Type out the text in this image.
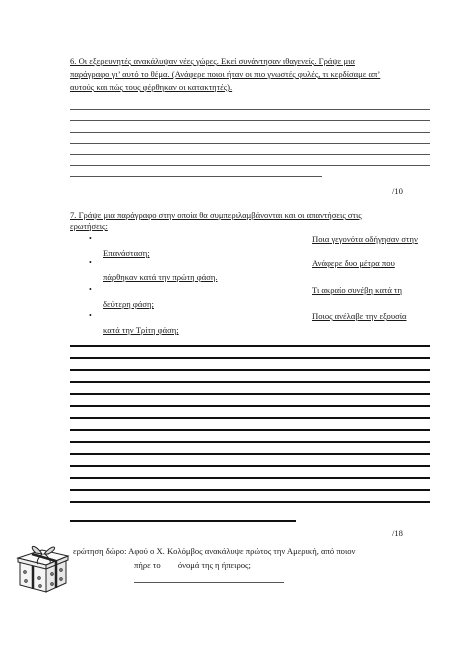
6. Οι εξερευνητές ανακάλυψαν νέες γώρες. Εκεί συνάντησαν ιθαγενείς. Γράψε μια
παράγραφο γι’ αυτό το θέμα. (Ανάφερε ποιοι ήταν οι πιο γνωστές φυλές, τι κερδίσαμε απ’
αυτούς και πώς τους φέρθηκαν οι κατακτητές).
/10
7. Γράψε μια παράγραφο στην οποία θα συμπεριλαμβάνονται και οι απαντήσεις στις
ερωτήσεις:
•	Ποια γεγονότα οδήγησαν στην
Επανάσταση;
•	Ανάφερε δυο μέτρα που
πάρθηκαν κατά την πρώτη φάση.
•	Τι ακραίο συνέβη κατά τη
δεύτερη φάση;
•	Ποιος ανέλαβε την εξουσία
κατά την Τρίτη φάση;
/18
ερώτηση δώρο: Αφού ο Χ. Κολόμβος ανακάλυψε πρώτος την Αμερική, από ποιον
πήρε το        όνομά της η ήπειρος;
